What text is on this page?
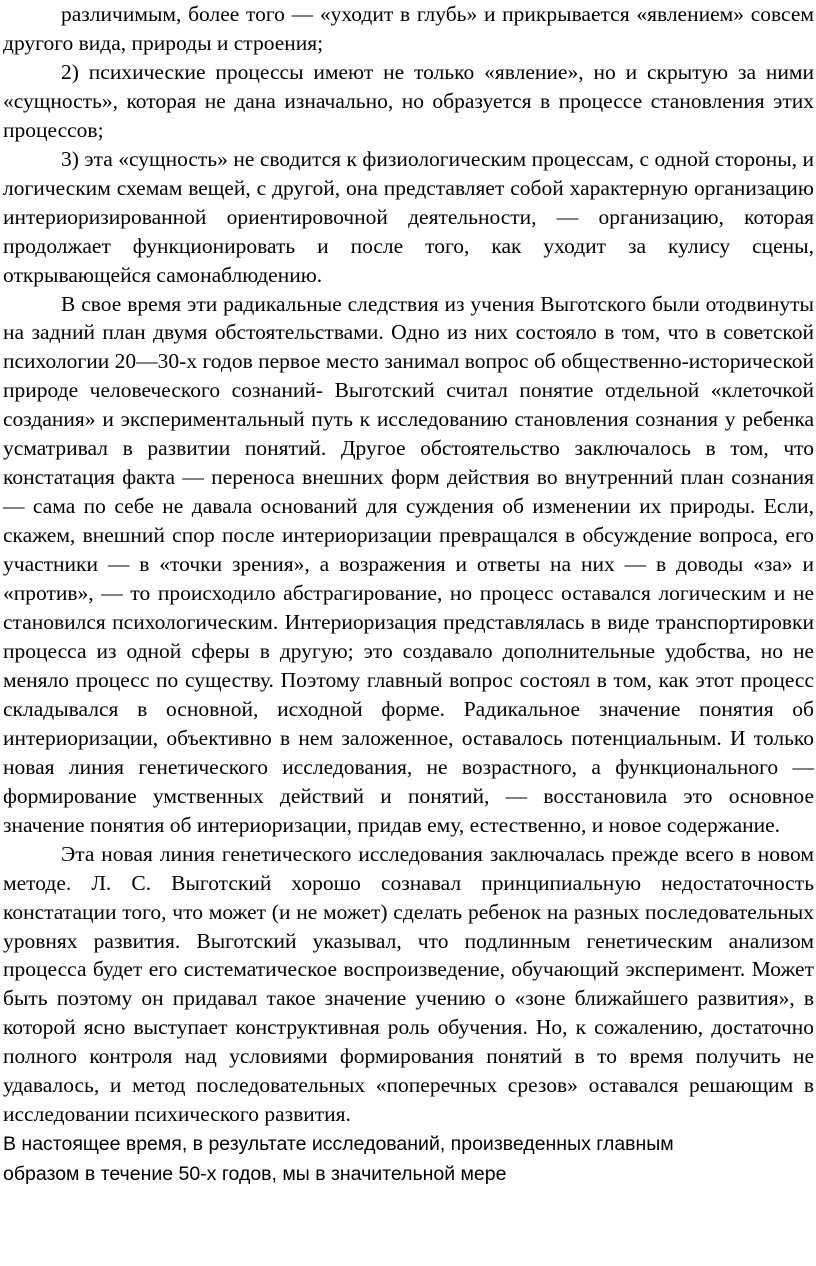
различимым, более того — «уходит в глубь» и прикрывается «явлением» совсем другого вида, природы и строения;

2) психические процессы имеют не только «явление», но и скрытую за ними «сущность», которая не дана изначально, но образуется в процессе становления этих процессов;

3) эта «сущность» не сводится к физиологическим процессам, с одной стороны, и логическим схемам вещей, с другой, она представляет собой характерную организацию интериоризированной ориентировочной деятельности, — организацию, которая продолжает функционировать и после того, как уходит за кулису сцены, открывающейся самонаблюдению.

В свое время эти радикальные следствия из учения Выготского были отодвинуты на задний план двумя обстоятельствами. Одно из них состояло в том, что в советской психологии 20—30-х годов первое место занимал вопрос об общественно-исторической природе человеческого сознаний- Выготский считал понятие отдельной «клеточкой создания» и экспериментальный путь к исследованию становления сознания у ребенка усматривал в развитии понятий. Другое обстоятельство заключалось в том, что констатация факта — переноса внешних форм действия во внутренний план сознания — сама по себе не давала оснований для суждения об изменении их природы. Если, скажем, внешний спор после интериоризации превращался в обсуждение вопроса, его участники — в «точки зрения», а возражения и ответы на них — в доводы «за» и «против», — то происходило абстрагирование, но процесс оставался логическим и не становился психологическим. Интериоризация представлялась в виде транспортировки процесса из одной сферы в другую; это создавало дополнительные удобства, но не меняло процесс по существу. Поэтому главный вопрос состоял в том, как этот процесс складывался в основной, исходной форме. Радикальное значение понятия об интериоризации, объективно в нем заложенное, оставалось потенциальным. И только новая линия генетического исследования, не возрастного, а функционального — формирование умственных действий и понятий, — восстановила это основное значение понятия об интериоризации, придав ему, естественно, и новое содержание.

Эта новая линия генетического исследования заключалась прежде всего в новом методе. Л. С. Выготский хорошо сознавал принципиальную недостаточность констатации того, что может (и не может) сделать ребенок на разных последовательных уровнях развития. Выготский указывал, что подлинным генетическим анализом процесса будет его систематическое воспроизведение, обучающий эксперимент. Может быть поэтому он придавал такое значение учению о «зоне ближайшего развития», в которой ясно выступает конструктивная роль обучения. Но, к сожалению, достаточно полного контроля над условиями формирования понятий в то время получить не удавалось, и метод последовательных «поперечных срезов» оставался решающим в исследовании психического развития.

В настоящее время, в результате исследований, произведенных главным

образом в течение 50-х годов, мы в значительной мере
